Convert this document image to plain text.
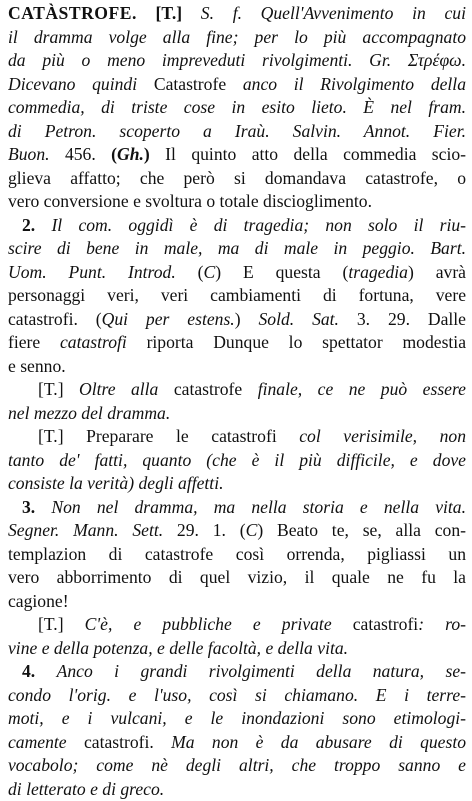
CATÀSTROFE. [T.] S. f. Quell'Avvenimento in cui
il dramma volge alla fine; per lo più accompagnato
da più o meno impreveduti rivolgimenti. Gr. Στρέφω.
Dicevano quindi Catastrofe anco il Rivolgimento della
commedia, di triste cose in esito lieto. È nel fram.
di Petron. scoperto a Iraù. Salvin. Annot. Fier.
Buon. 456. (Gh.) Il quinto atto della commedia scio-
glieva affatto; che però si domandava catastrofe, o
vero conversione e svoltura o totale discioglimento.
2. Il com. oggidì è di tragedia; non solo il riu-
scire di bene in male, ma di male in peggio. Bart.
Uom. Punt. Introd. (C) E questa (tragedia) avrà
personaggi veri, veri cambiamenti di fortuna, vere
catastrofi. (Qui per estens.) Sold. Sat. 3. 29. Dalle
fiere catastrofi riporta Dunque lo spettator modestia
e senno.
[T.] Oltre alla catastrofe finale, ce ne può essere
nel mezzo del dramma.
[T.] Preparare le catastrofi col verisimile, non
tanto de' fatti, quanto (che è il più difficile, e dove
consiste la verità) degli affetti.
3. Non nel dramma, ma nella storia e nella vita.
Segner. Mann. Sett. 29. 1. (C) Beato te, se, alla con-
templazion di catastrofe così orrenda, pigliassi un
vero abborrimento di quel vizio, il quale ne fu la
cagione!
[T.] C'è, e pubbliche e private catastrofi: ro-
vine e della potenza, e delle facoltà, e della vita.
4. Anco i grandi rivolgimenti della natura, se-
condo l'orig. e l'uso, così si chiamano. E i terre-
moti, e i vulcani, e le inondazioni sono etimologi-
camente catastrofi. Ma non è da abusare di questo
vocabolo; come nè degli altri, che troppo sanno e
di letterato e di greco.
